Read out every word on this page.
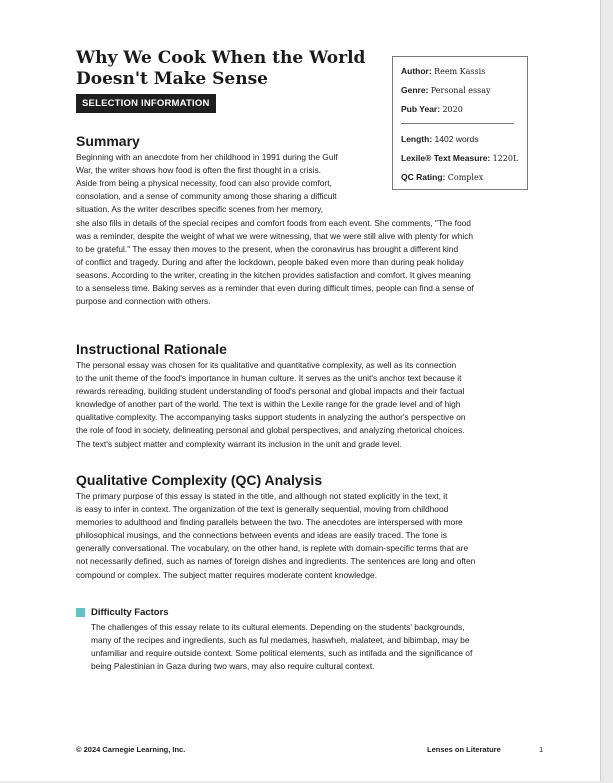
Why We Cook When the World Doesn't Make Sense
SELECTION INFORMATION
Author: Reem Kassis
Genre: Personal essay
Pub Year: 2020
Length: 1402 words
Lexile® Text Measure: 1220L
QC Rating: Complex
Summary
Beginning with an anecdote from her childhood in 1991 during the Gulf
War, the writer shows how food is often the first thought in a crisis.
Aside from being a physical necessity, food can also provide comfort,
consolation, and a sense of community among those sharing a difficult
situation. As the writer describes specific scenes from her memory,
she also fills in details of the special recipes and comfort foods from each event. She comments, "The food
was a reminder, despite the weight of what we were witnessing, that we were still alive with plenty for which
to be grateful." The essay then moves to the present, when the coronavirus has brought a different kind
of conflict and tragedy. During and after the lockdown, people baked even more than during peak holiday
seasons. According to the writer, creating in the kitchen provides satisfaction and comfort. It gives meaning
to a senseless time. Baking serves as a reminder that even during difficult times, people can find a sense of
purpose and connection with others.
Instructional Rationale
The personal essay was chosen for its qualitative and quantitative complexity, as well as its connection
to the unit theme of the food's importance in human culture. It serves as the unit's anchor text because it
rewards rereading, building student understanding of food's personal and global impacts and their factual
knowledge of another part of the world. The text is within the Lexile range for the grade level and of high
qualitative complexity. The accompanying tasks support students in analyzing the author's perspective on
the role of food in society, delineating personal and global perspectives, and analyzing rhetorical choices.
The text's subject matter and complexity warrant its inclusion in the unit and grade level.
Qualitative Complexity (QC) Analysis
The primary purpose of this essay is stated in the title, and although not stated explicitly in the text, it
is easy to infer in context. The organization of the text is generally sequential, moving from childhood
memories to adulthood and finding parallels between the two. The anecdotes are interspersed with more
philosophical musings, and the connections between events and ideas are easily traced. The tone is
generally conversational. The vocabulary, on the other hand, is replete with domain-specific terms that are
not necessarily defined, such as names of foreign dishes and ingredients. The sentences are long and often
compound or complex. The subject matter requires moderate content knowledge.
Difficulty Factors
The challenges of this essay relate to its cultural elements. Depending on the students' backgrounds,
many of the recipes and ingredients, such as ful medames, haswheh, malateet, and bibimbap, may be
unfamiliar and require outside context. Some political elements, such as intifada and the significance of
being Palestinian in Gaza during two wars, may also require cultural context.
© 2024 Carnegie Learning, Inc.	Lenses on Literature	1
